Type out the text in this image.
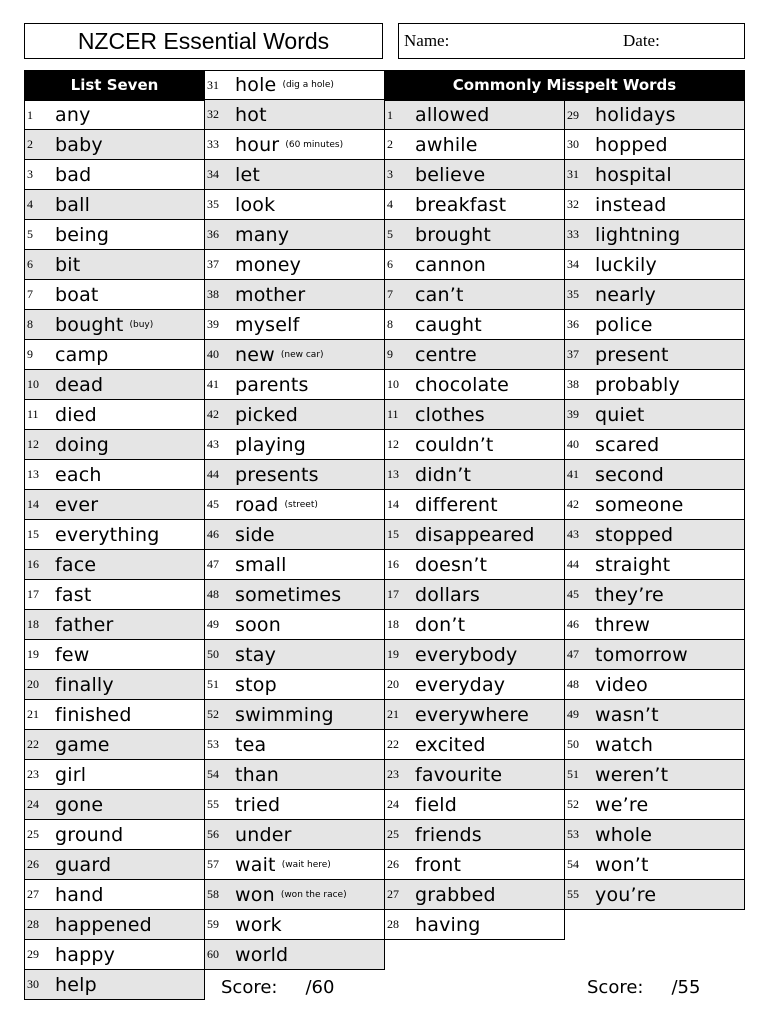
NZCER Essential Words	Name:	Date:
List Seven
1	any
2	baby
3	bad
4	ball
5	being
6	bit
7	boat
8	bought (buy)
9	camp
10 dead
11 died
12 doing
13 each
14 ever
15 everything
16 face
17 fast
18 father
19 few
20 finally
21 finished
22 game
23 girl
24 gone
25 ground
26 guard
27 hand
28 happened
29 happy
30 help
31 hole (dig a hole)
32 hot
33 hour (60 minutes)
34 let
35 look
36 many
37 money
38 mother
39 myself
40 new (new car)
41 parents
42 picked
43 playing
44 presents
45 road (street)
46 side
47 small
48 sometimes
49 soon
50 stay
51 stop
52 swimming
53 tea
54 than
55 tried
56 under
57 wait (wait here)
58 won (won the race)
59 work
60 world
Commonly Misspelt Words
1	allowed
2	awhile
3	believe
4	breakfast
5	brought
6	cannon
7	can’t
8	caught
9	centre
10 chocolate
11 clothes
12 couldn’t
13 didn’t
14 different
15 disappeared
16 doesn’t
17 dollars
18 don’t
19 everybody
20 everyday
21 everywhere
22 excited
23 favourite
24 field
25 friends
26 front
27 grabbed
28 having
29 holidays
30 hopped
31 hospital
32 instead
33 lightning
34 luckily
35 nearly
36 police
37 present
38 probably
39 quiet
40 scared
41 second
42 someone
43 stopped
44 straight
45 they’re
46 threw
47 tomorrow
48 video
49 wasn’t
50 watch
51 weren’t
52 we’re
53 whole
54 won’t
55 you’re
Score: /60	Score: /55
